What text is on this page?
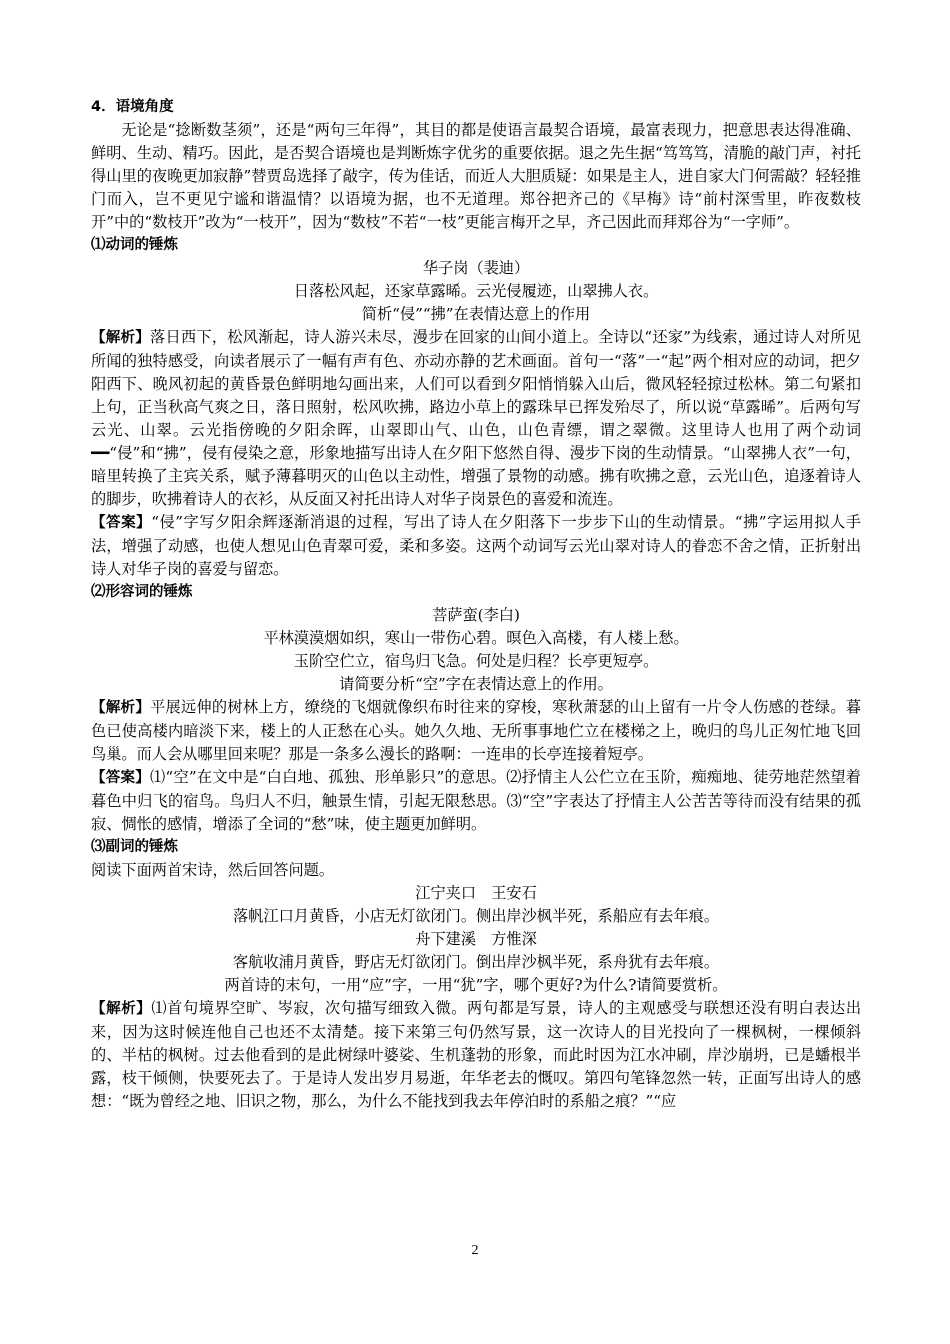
4．语境角度

无论是“捻断数茎须”，还是“两句三年得”，其目的都是使语言最契合语境，最富表现力，把意思表达得准确、鲜明、生动、精巧。因此，是否契合语境也是判断炼字优劣的重要依据。退之先生据“笃笃笃，清脆的敲门声，衬托得山里的夜晚更加寂静”替贾岛选择了敲字，传为佳话，而近人大胆质疑：如果是主人，进自家大门何需敲？轻轻推门而入，岂不更见宁谧和谐温情？以语境为据，也不无道理。郑谷把齐己的《早梅》诗“前村深雪里，昨夜数枝开”中的“数枝开”改为“一枝开”，因为“数枝”不若“一枝”更能言梅开之早，齐己因此而拜郑谷为“一字师”。

⑴动词的锤炼
华子岗（裴迪）
日落松风起，还家草露晞。云光侵履迹，山翠拂人衣。
简析“侵”“拂”在表情达意上的作用

【解析】落日西下，松风渐起，诗人游兴未尽，漫步在回家的山间小道上。全诗以“还家”为线索，通过诗人对所见所闻的独特感受，向读者展示了一幅有声有色、亦动亦静的艺术画面。首句一“落”一“起”两个相对应的动词，把夕阳西下、晚风初起的黄昏景色鲜明地勾画出来，人们可以看到夕阳悄悄躲入山后，微风轻轻掠过松林。第二句紧扣上句，正当秋高气爽之日，落日照射，松风吹拂，路边小草上的露珠早已挥发殆尽了，所以说“草露晞”。后两句写云光、山翠。云光指傍晚的夕阳余晖，山翠即山气、山色，山色青缥，谓之翠微。这里诗人也用了两个动词━━“侵”和“拂”，侵有侵染之意，形象地描写出诗人在夕阳下悠然自得、漫步下岗的生动情景。“山翠拂人衣”一句，暗里转换了主宾关系，赋予薄暮明灭的山色以主动性，增强了景物的动感。拂有吹拂之意，云光山色，追逐着诗人的脚步，吹拂着诗人的衣衫，从反面又衬托出诗人对华子岗景色的喜爱和流连。

【答案】“侵”字写夕阳余辉逐渐消退的过程，写出了诗人在夕阳落下一步步下山的生动情景。“拂”字运用拟人手法，增强了动感，也使人想见山色青翠可爱，柔和多姿。这两个动词写云光山翠对诗人的眷恋不舍之情，正折射出诗人对华子岗的喜爱与留恋。

⑵形容词的锤炼
菩萨蛮(李白)
平林漠漠烟如织，寒山一带伤心碧。暝色入高楼，有人楼上愁。
玉阶空伫立，宿鸟归飞急。何处是归程？长亭更短亭。
请简要分析“空”字在表情达意上的作用。

【解析】平展远伸的树林上方，缭绕的飞烟就像织布时往来的穿梭，寒秋萧瑟的山上留有一片令人伤感的苍绿。暮色已使高楼内暗淡下来，楼上的人正愁在心头。她久久地、无所事事地伫立在楼梯之上，晚归的鸟儿正匆忙地飞回鸟巢。而人会从哪里回来呢？那是一条多么漫长的路啊：一连串的长亭连接着短亭。

【答案】⑴“空”在文中是“白白地、孤独、形单影只”的意思。⑵抒情主人公伫立在玉阶，痴痴地、徒劳地茫然望着暮色中归飞的宿鸟。鸟归人不归，触景生情，引起无限愁思。⑶“空”字表达了抒情主人公苦苦等待而没有结果的孤寂、惆怅的感情，增添了全词的“愁”味，使主题更加鲜明。

⑶副词的锤炼
阅读下面两首宋诗，然后回答问题。
江宁夹口　王安石
落帆江口月黄昏，小店无灯欲闭门。侧出岸沙枫半死，系船应有去年痕。
舟下建溪　方惟深
客航收浦月黄昏，野店无灯欲闭门。倒出岸沙枫半死，系舟犹有去年痕。
两首诗的末句，一用“应”字，一用“犹”字，哪个更好?为什么?请简要赏析。

【解析】⑴首句境界空旷、岑寂，次句描写细致入微。两句都是写景，诗人的主观感受与联想还没有明白表达出来，因为这时候连他自己也还不太清楚。接下来第三句仍然写景，这一次诗人的目光投向了一棵枫树，一棵倾斜的、半枯的枫树。过去他看到的是此树绿叶婆娑、生机蓬勃的形象，而此时因为江水冲刷，岸沙崩坍，已是蟠根半露，枝干倾侧，快要死去了。于是诗人发出岁月易逝，年华老去的慨叹。第四句笔锋忽然一转，正面写出诗人的感想：“既为曾经之地、旧识之物，那么，为什么不能找到我去年停泊时的系船之痕？”“应

2
